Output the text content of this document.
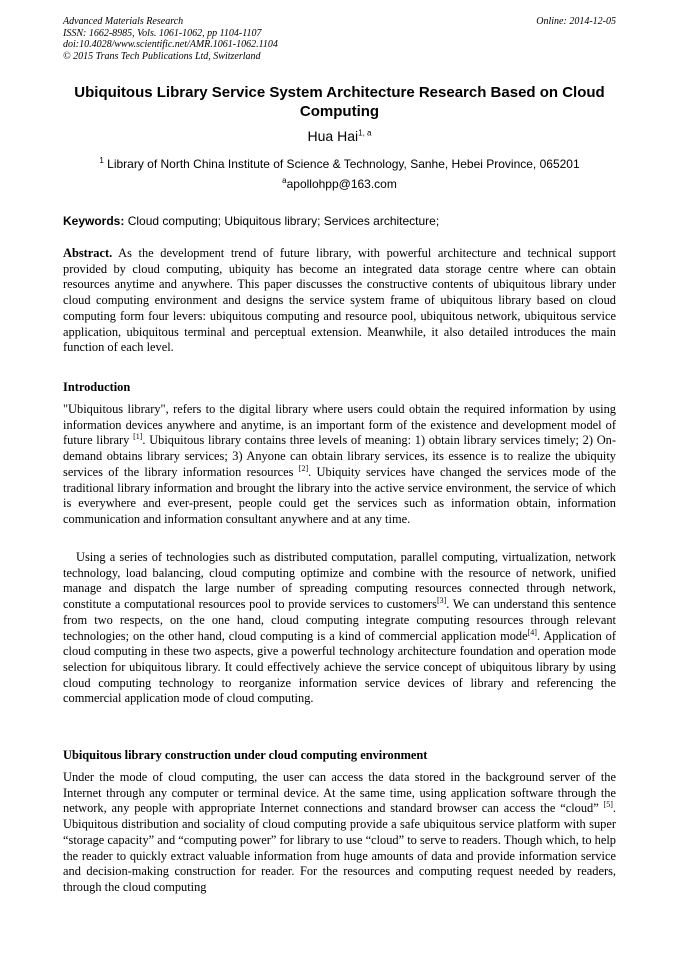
Advanced Materials Research
ISSN: 1662-8985, Vols. 1061-1062, pp 1104-1107
doi:10.4028/www.scientific.net/AMR.1061-1062.1104
© 2015 Trans Tech Publications Ltd, Switzerland
Online: 2014-12-05
Ubiquitous Library Service System Architecture Research Based on Cloud Computing
Hua Hai$^{1, a}$
$^1$ Library of North China Institute of Science & Technology, Sanhe, Hebei Province, 065201
$^a$apollohpp@163.com
Keywords: Cloud computing; Ubiquitous library; Services architecture;

Abstract. As the development trend of future library, with powerful architecture and technical support provided by cloud computing, ubiquity has become an integrated data storage centre where can obtain resources anytime and anywhere. This paper discusses the constructive contents of ubiquitous library under cloud computing environment and designs the service system frame of ubiquitous library based on cloud computing form four levers: ubiquitous computing and resource pool, ubiquitous network, ubiquitous service application, ubiquitous terminal and perceptual extension. Meanwhile, it also detailed introduces the main function of each level.

Introduction

"Ubiquitous library", refers to the digital library where users could obtain the required information by using information devices anywhere and anytime, is an important form of the existence and development model of future library [1]. Ubiquitous library contains three levels of meaning: 1) obtain library services timely; 2) On-demand obtains library services; 3) Anyone can obtain library services, its essence is to realize the ubiquity services of the library information resources [2]. Ubiquity services have changed the services mode of the traditional library information and brought the library into the active service environment, the service of which is everywhere and ever-present, people could get the services such as information obtain, information communication and information consultant anywhere and at any time.

Using a series of technologies such as distributed computation, parallel computing, virtualization, network technology, load balancing, cloud computing optimize and combine with the resource of network, unified manage and dispatch the large number of spreading computing resources connected through network, constitute a computational resources pool to provide services to customers[3]. We can understand this sentence from two respects, on the one hand, cloud computing integrate computing resources through relevant technologies; on the other hand, cloud computing is a kind of commercial application mode[4]. Application of cloud computing in these two aspects, give a powerful technology architecture foundation and operation mode selection for ubiquitous library. It could effectively achieve the service concept of ubiquitous library by using cloud computing technology to reorganize information service devices of library and referencing the commercial application mode of cloud computing.

Ubiquitous library construction under cloud computing environment

Under the mode of cloud computing, the user can access the data stored in the background server of the Internet through any computer or terminal device. At the same time, using application software through the network, any people with appropriate Internet connections and standard browser can access the “cloud” [5]. Ubiquitous distribution and sociality of cloud computing provide a safe ubiquitous service platform with super “storage capacity” and “computing power” for library to use “cloud” to serve to readers. Though which, to help the reader to quickly extract valuable information from huge amounts of data and provide information service and decision-making construction for reader. For the resources and computing request needed by readers, through the cloud computing
